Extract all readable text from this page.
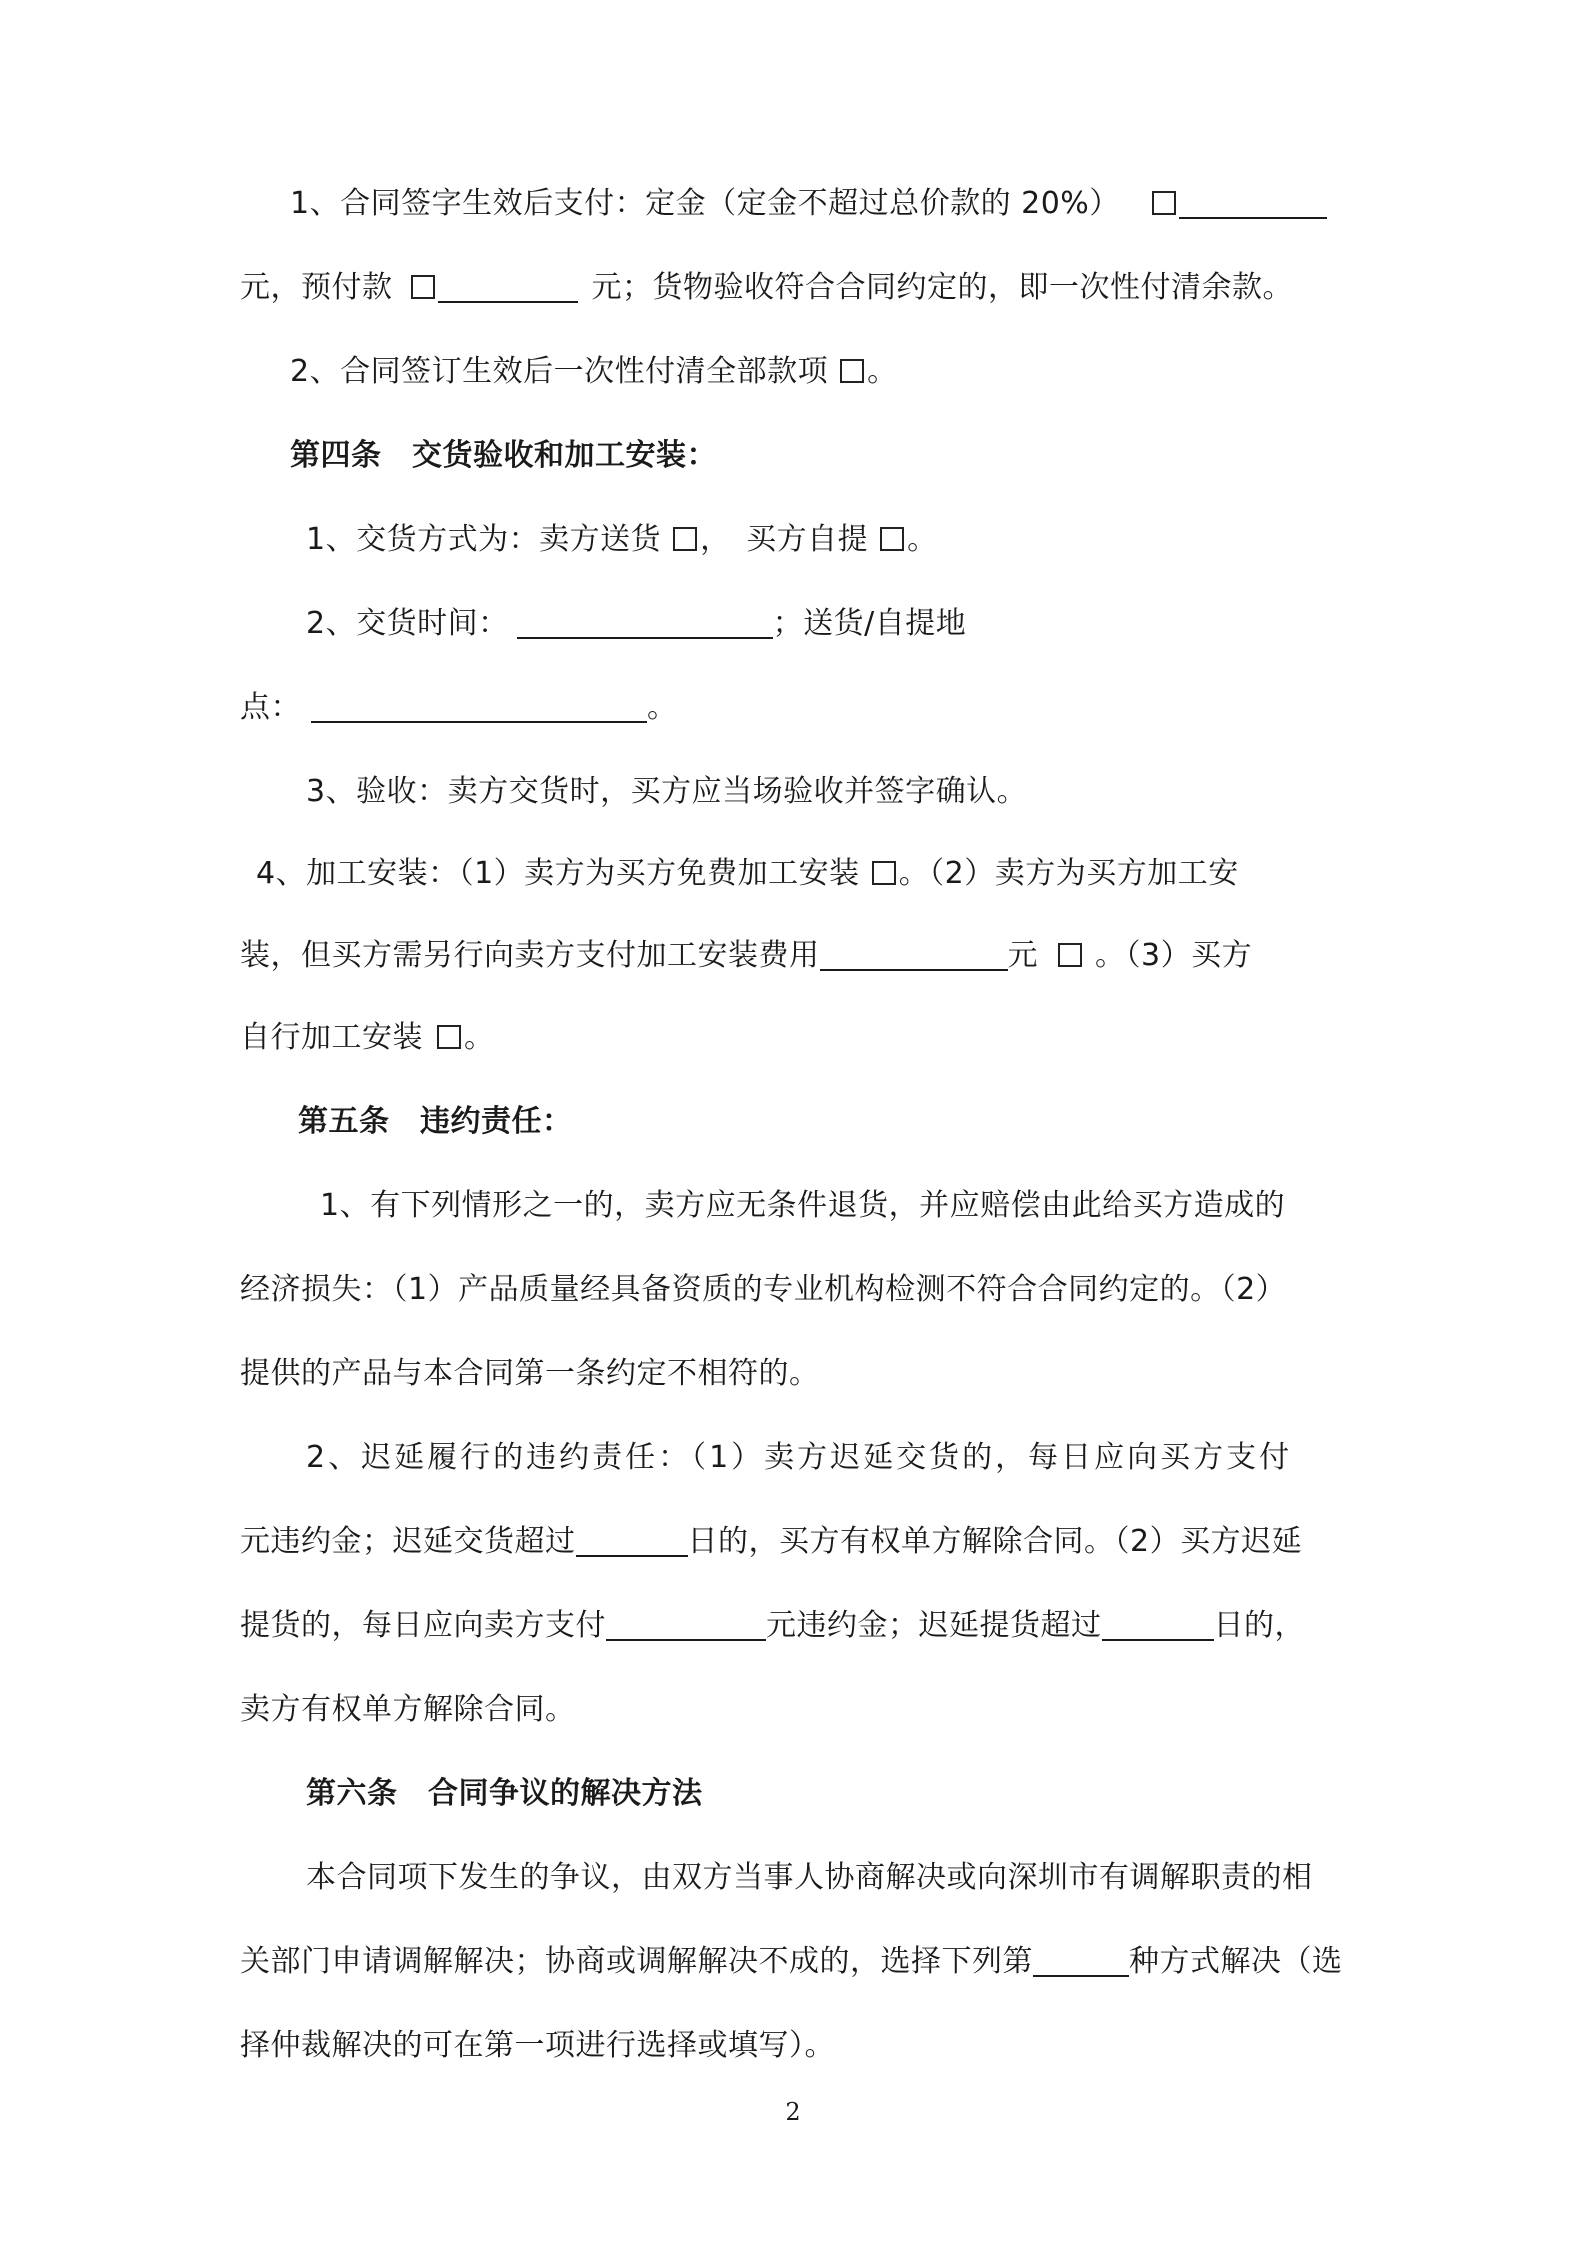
1、合同签字生效后支付：定金（定金不超过总价款的 20%）
元，预付款	元；货物验收符合合同约定的，即一次性付清余款。
2、合同签订生效后一次性付清全部款项 。
第四条　交货验收和加工安装：
1、交货方式为：卖方送货 ，　买方自提 。
2、交货时间：	；送货/自提地
点：	。
3、验收：卖方交货时，买方应当场验收并签字确认。
4、加工安装：（1）卖方为买方免费加工安装 。（2）卖方为买方加工安
装，但买方需另行向卖方支付加工安装费用	元 。（3）买方
自行加工安装 。
第五条　违约责任：
1、有下列情形之一的，卖方应无条件退货，并应赔偿由此给买方造成的
经济损失：（1）产品质量经具备资质的专业机构检测不符合合同约定的。（2）
提供的产品与本合同第一条约定不相符的。
2、迟延履行的违约责任：（1）卖方迟延交货的，每日应向买方支付
元违约金；迟延交货超过	日的，买方有权单方解除合同。（2）买方迟延
提货的，每日应向卖方支付	元违约金；迟延提货超过	日的，
卖方有权单方解除合同。
第六条　合同争议的解决方法
本合同项下发生的争议，由双方当事人协商解决或向深圳市有调解职责的相
关部门申请调解解决；协商或调解解决不成的，选择下列第	种方式解决（选
择仲裁解决的可在第一项进行选择或填写）。
2
